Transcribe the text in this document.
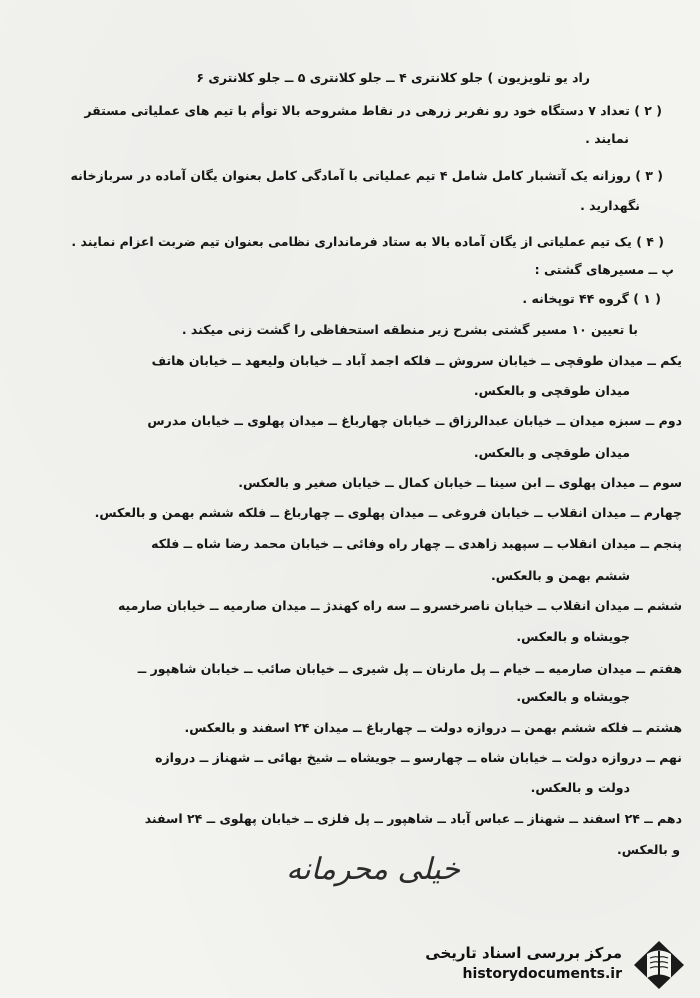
راد یو تلویزیون ) جلو کلانتری ۴ ــ جلو کلانتری ۵ ــ جلو کلانتری ۶
( ۲ ) تعداد ۷ دستگاه خود رو نفربر زرهی در نقاط مشروحه بالا توأم با تیم های عملیاتی مستقر
نمایند .
( ۳ ) روزانه یک آتشبار کامل شامل ۴ تیم عملیاتی با آمادگی کامل بعنوان یگان آماده در سربازخانه
نگهدارید .
( ۴ ) یک تیم عملیاتی از یگان آماده بالا به ستاد فرمانداری نظامی بعنوان تیم ضربت اعزام نمایند .
پ ــ مسیرهای گشتی :
( ۱ ) گروه ۴۴ توپخانه .
با تعیین ۱۰ مسیر گشتی بشرح زیر منطقه استحفاظی را گشت زنی میکند .
یکم ــ میدان طوقچی ــ خیابان سروش ــ فلکه اجمد آباد ــ خیابان ولیعهد ــ خیابان هاتف
میدان طوقچی و بالعکس.
دوم ــ سبزه میدان ــ خیابان عبدالرزاق ــ خیابان چهارباغ ــ میدان پهلوی ــ خیابان مدرس
میدان طوقچی و بالعکس.
سوم ــ میدان پهلوی ــ ابن سینا ــ خیابان کمال ــ خیابان صغیر و بالعکس.
چهارم ــ میدان انقلاب ــ خیابان فروغی ــ میدان پهلوی ــ چهارباغ ــ فلکه ششم بهمن و بالعکس.
پنجم ــ میدان انقلاب ــ سپهبد زاهدی ــ چهار راه وفائی ــ خیابان محمد رضا شاه ــ فلکه
ششم بهمن و بالعکس.
ششم ــ میدان انقلاب ــ خیابان ناصرخسرو ــ سه راه کهندژ ــ میدان صارمیه ــ خیابان صارمیه
جویشاه و بالعکس.
هفتم ــ میدان صارمیه ــ خیام ــ پل مارنان ــ پل شیری ــ خیابان صائب ــ خیابان شاهپور ــ
جویشاه و بالعکس.
هشتم ــ فلکه ششم بهمن ــ دروازه دولت ــ چهارباغ ــ میدان ۲۴ اسفند و بالعکس.
نهم ــ دروازه دولت ــ خیابان شاه ــ چهارسو ــ جویشاه ــ شیخ بهائی ــ شهناز ــ دروازه
دولت و بالعکس.
دهم ــ ۲۴ اسفند ــ شهناز ــ عباس آباد ــ شاهپور ــ پل فلزی ــ خیابان پهلوی ــ ۲۴ اسفند
و بالعکس.
خیلی محرمانه
مرکز بررسی اسناد تاریخی
historydocuments.ir
